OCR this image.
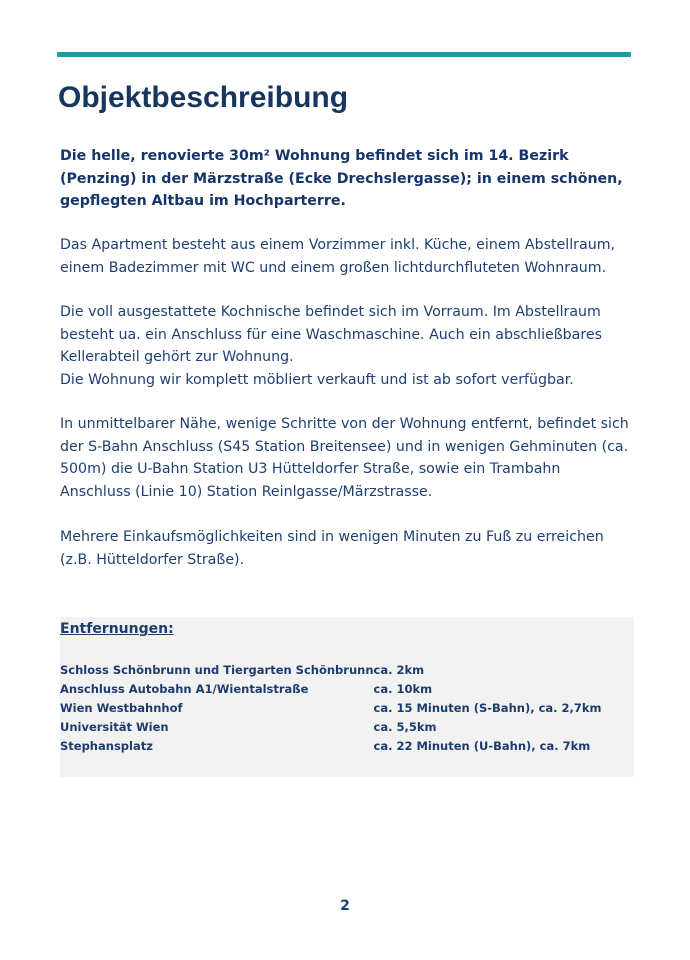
Objektbeschreibung

Die helle, renovierte 30m² Wohnung befindet sich im 14. Bezirk (Penzing) in der Märzstraße (Ecke Drechslergasse); in einem schönen, gepflegten Altbau im Hochparterre.

Das Apartment besteht aus einem Vorzimmer inkl. Küche, einem Abstellraum, einem Badezimmer mit WC und einem großen lichtdurchfluteten Wohnraum.

Die voll ausgestattete Kochnische befindet sich im Vorraum. Im Abstellraum besteht ua. ein Anschluss für eine Waschmaschine. Auch ein abschließbares Kellerabteil gehört zur Wohnung.
Die Wohnung wir komplett möbliert verkauft und ist ab sofort verfügbar.

In unmittelbarer Nähe, wenige Schritte von der Wohnung entfernt, befindet sich der S-Bahn Anschluss (S45 Station Breitensee) und in wenigen Gehminuten (ca. 500m) die U-Bahn Station U3 Hütteldorfer Straße, sowie ein Trambahn Anschluss (Linie 10) Station Reinlgasse/Märzstrasse.

Mehrere Einkaufsmöglichkeiten sind in wenigen Minuten zu Fuß zu erreichen (z.B. Hütteldorfer Straße).

Entfernungen:
Schloss Schönbrunn und Tiergarten Schönbrunn	ca. 2km
Anschluss Autobahn A1/Wientalstraße	ca. 10km
Wien Westbahnhof	ca. 15 Minuten (S-Bahn), ca. 2,7km
Universität Wien	ca. 5,5km
Stephansplatz	ca. 22 Minuten (U-Bahn), ca. 7km
2
